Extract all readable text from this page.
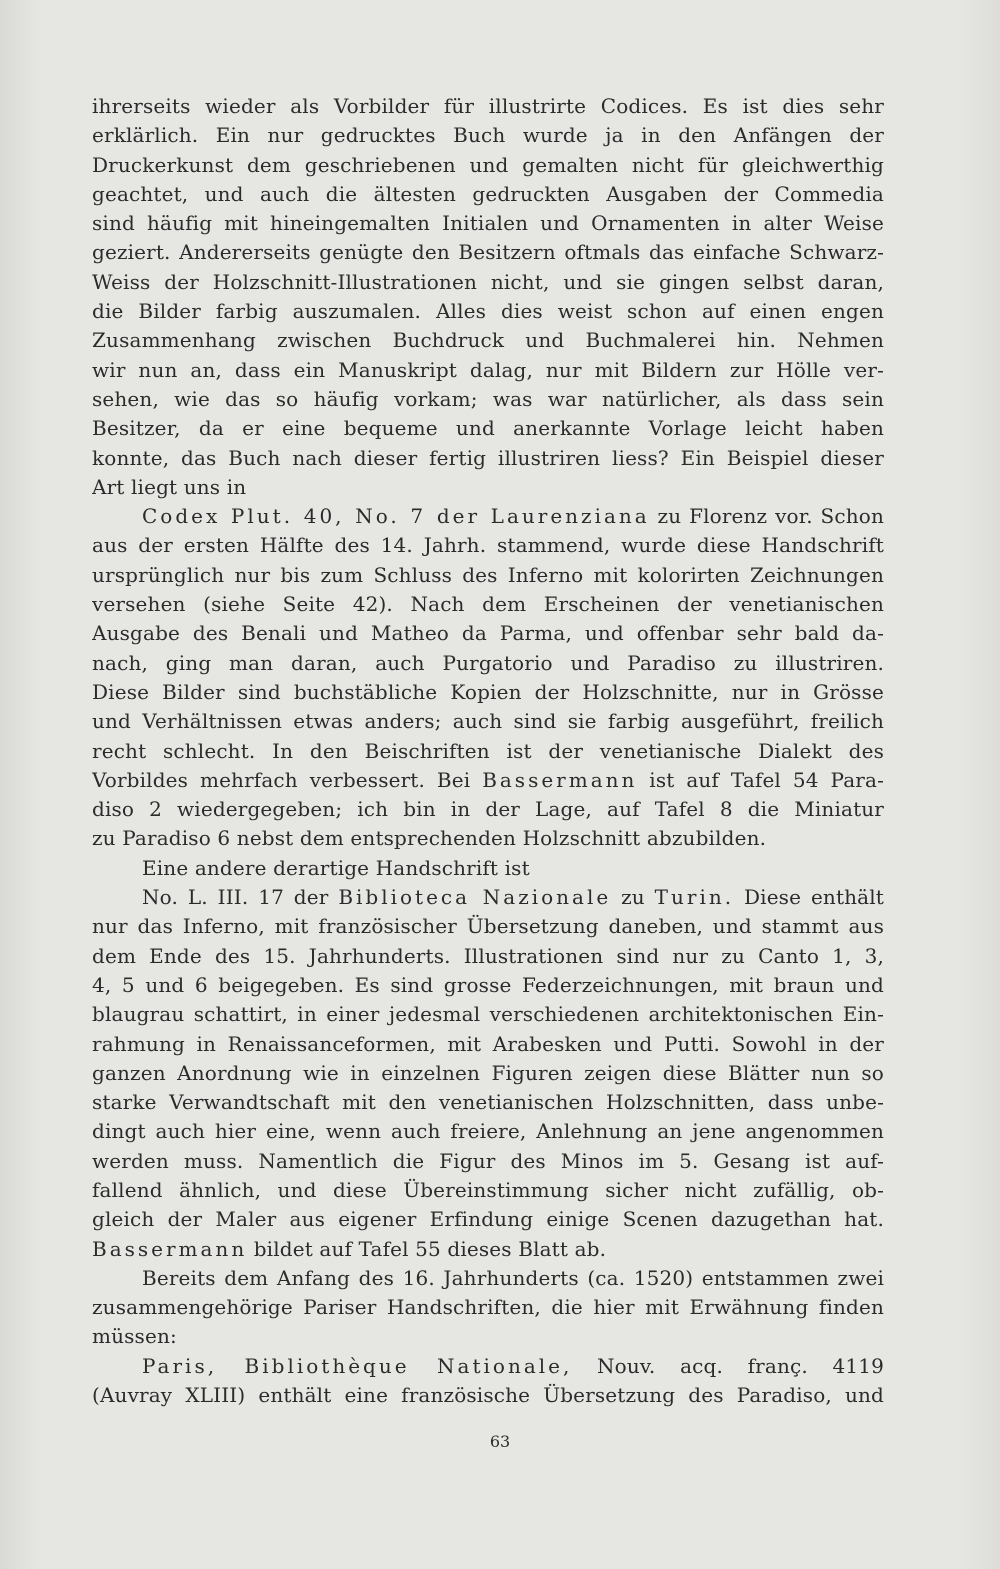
ihrerseits wieder als Vorbilder für illustrirte Codices. Es ist dies sehr
erklärlich. Ein nur gedrucktes Buch wurde ja in den Anfängen der
Druckerkunst dem geschriebenen und gemalten nicht für gleichwerthig
geachtet, und auch die ältesten gedruckten Ausgaben der Commedia
sind häufig mit hineingemalten Initialen und Ornamenten in alter Weise
geziert. Andererseits genügte den Besitzern oftmals das einfache Schwarz-
Weiss der Holzschnitt-Illustrationen nicht, und sie gingen selbst daran,
die Bilder farbig auszumalen. Alles dies weist schon auf einen engen
Zusammenhang zwischen Buchdruck und Buchmalerei hin. Nehmen
wir nun an, dass ein Manuskript dalag, nur mit Bildern zur Hölle ver-
sehen, wie das so häufig vorkam; was war natürlicher, als dass sein
Besitzer, da er eine bequeme und anerkannte Vorlage leicht haben
konnte, das Buch nach dieser fertig illustriren liess? Ein Beispiel dieser
Art liegt uns in
Codex Plut. 40, No. 7 der Laurenziana zu Florenz vor. Schon
aus der ersten Hälfte des 14. Jahrh. stammend, wurde diese Handschrift
ursprünglich nur bis zum Schluss des Inferno mit kolorirten Zeichnungen
versehen (siehe Seite 42). Nach dem Erscheinen der venetianischen
Ausgabe des Benali und Matheo da Parma, und offenbar sehr bald da-
nach, ging man daran, auch Purgatorio und Paradiso zu illustriren.
Diese Bilder sind buchstäbliche Kopien der Holzschnitte, nur in Grösse
und Verhältnissen etwas anders; auch sind sie farbig ausgeführt, freilich
recht schlecht. In den Beischriften ist der venetianische Dialekt des
Vorbildes mehrfach verbessert. Bei Bassermann ist auf Tafel 54 Para-
diso 2 wiedergegeben; ich bin in der Lage, auf Tafel 8 die Miniatur
zu Paradiso 6 nebst dem entsprechenden Holzschnitt abzubilden.
Eine andere derartige Handschrift ist
No. L. III. 17 der Biblioteca Nazionale zu Turin. Diese enthält
nur das Inferno, mit französischer Übersetzung daneben, und stammt aus
dem Ende des 15. Jahrhunderts. Illustrationen sind nur zu Canto 1, 3,
4, 5 und 6 beigegeben. Es sind grosse Federzeichnungen, mit braun und
blaugrau schattirt, in einer jedesmal verschiedenen architektonischen Ein-
rahmung in Renaissanceformen, mit Arabesken und Putti. Sowohl in der
ganzen Anordnung wie in einzelnen Figuren zeigen diese Blätter nun so
starke Verwandtschaft mit den venetianischen Holzschnitten, dass unbe-
dingt auch hier eine, wenn auch freiere, Anlehnung an jene angenommen
werden muss. Namentlich die Figur des Minos im 5. Gesang ist auf-
fallend ähnlich, und diese Übereinstimmung sicher nicht zufällig, ob-
gleich der Maler aus eigener Erfindung einige Scenen dazugethan hat.
Bassermann bildet auf Tafel 55 dieses Blatt ab.
Bereits dem Anfang des 16. Jahrhunderts (ca. 1520) entstammen zwei
zusammengehörige Pariser Handschriften, die hier mit Erwähnung finden
müssen:
Paris, Bibliothèque Nationale, Nouv. acq. franç. 4119
(Auvray XLIII) enthält eine französische Übersetzung des Paradiso, und
63
